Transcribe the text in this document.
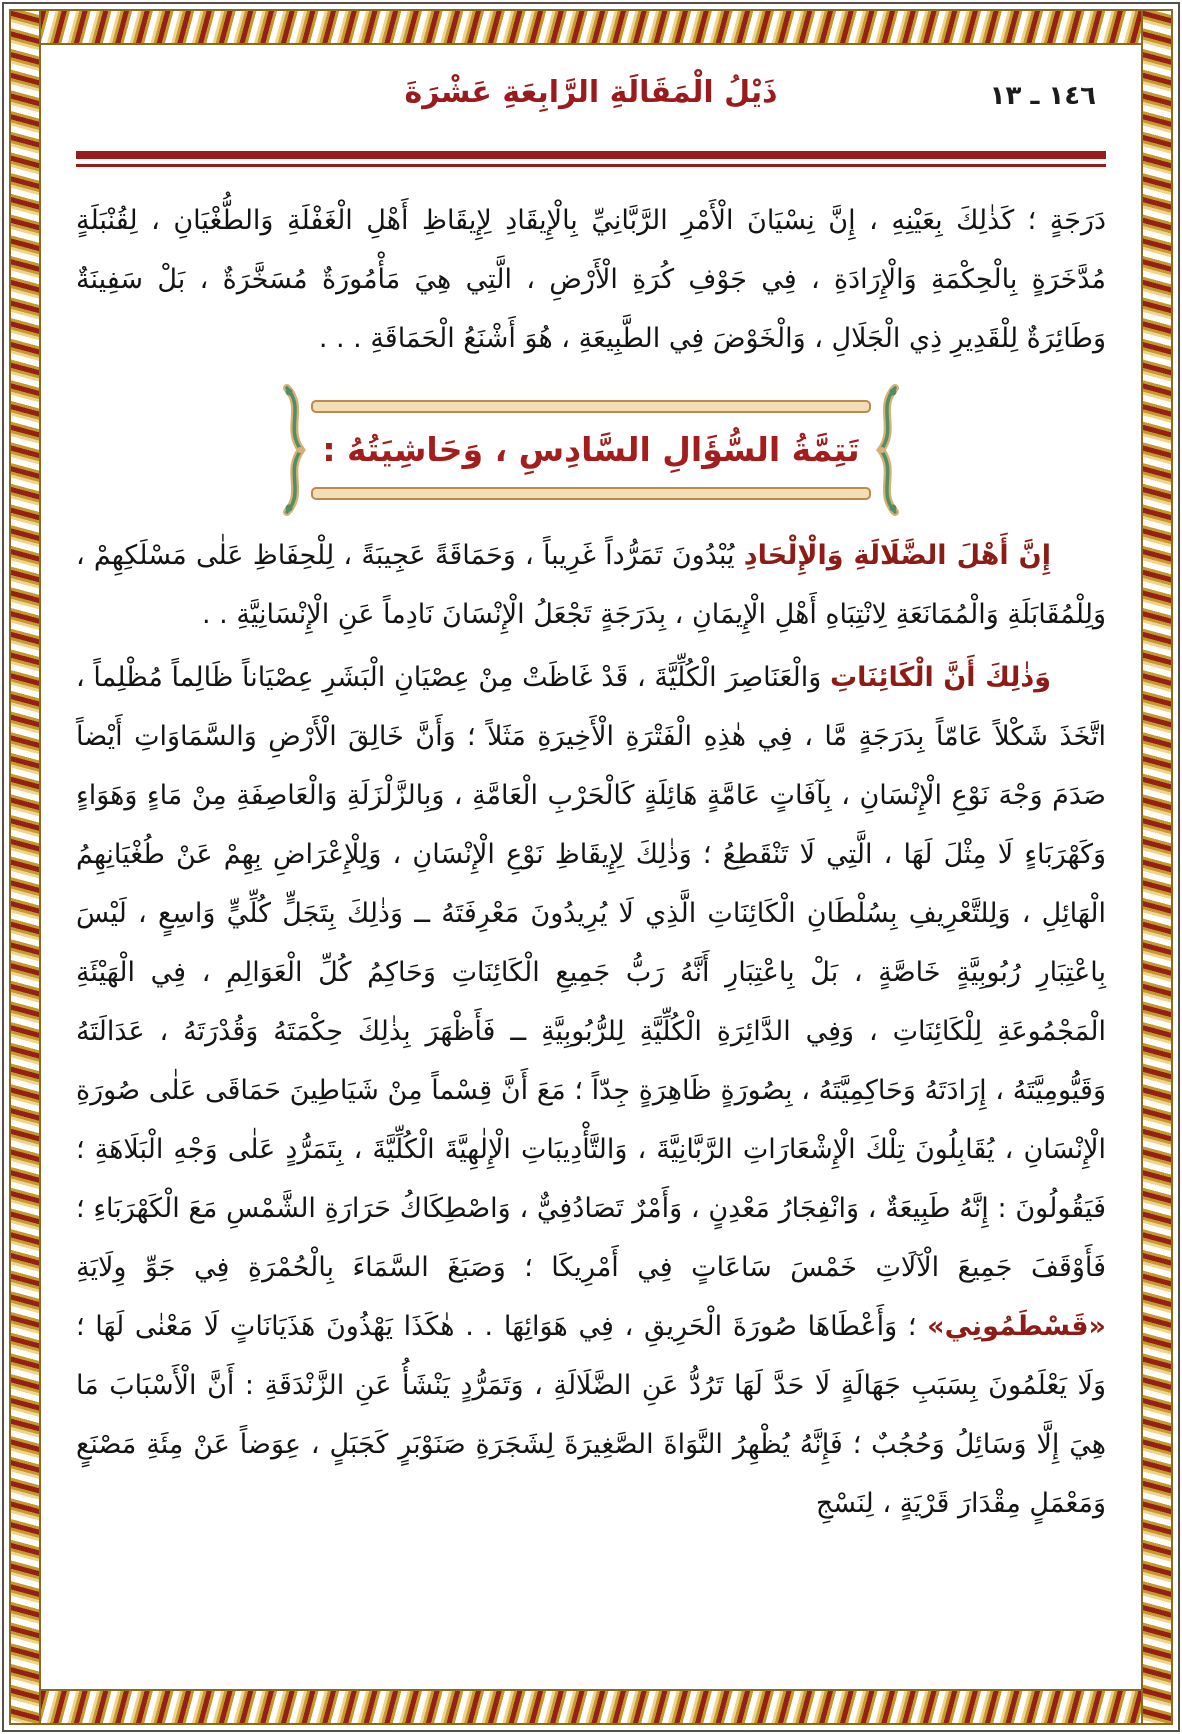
١٤٦ ـ ١٣
ذَيْلُ الْمَقَالَةِ الرَّابِعَةِ عَشْرَةَ

دَرَجَةٍ ؛ كَذٰلِكَ بِعَيْنِهِ ، إِنَّ نِسْيَانَ الْأَمْرِ الرَّبَّانِيِّ بِالْإِيقَادِ لِإِيقَاظِ أَهْلِ الْغَفْلَةِ وَالطُّغْيَانِ ، لِقُنْبَلَةٍ مُدَّخَرَةٍ بِالْحِكْمَةِ وَالْإِرَادَةِ ، فِي جَوْفِ كُرَةِ الْأَرْضِ ، الَّتِي هِيَ مَأْمُورَةٌ مُسَخَّرَةٌ ، بَلْ سَفِينَةٌ وَطَائِرَةٌ لِلْقَدِيرِ ذِي الْجَلَالِ ، وَالْخَوْضَ فِي الطَّبِيعَةِ ، هُوَ أَشْنَعُ الْحَمَاقَةِ . . .

تَتِمَّةُ السُّؤَالِ السَّادِسِ ، وَحَاشِيَتُهُ :

إِنَّ أَهْلَ الضَّلَالَةِ وَالْإِلْحَادِ يُبْدُونَ تَمَرُّداً غَرِيباً ، وَحَمَاقَةً عَجِيبَةً ، لِلْحِفَاظِ عَلٰى مَسْلَكِهِمْ ، وَلِلْمُقَابَلَةِ وَالْمُمَانَعَةِ لِانْتِبَاهِ أَهْلِ الْإِيمَانِ ، بِدَرَجَةٍ تَجْعَلُ الْإِنْسَانَ نَادِماً عَنِ الْإِنْسَانِيَّةِ . .

وَذٰلِكَ أَنَّ الْكَائِنَاتِ وَالْعَنَاصِرَ الْكُلِّيَّةَ ، قَدْ غَاظَتْ مِنْ عِصْيَانِ الْبَشَرِ عِصْيَاناً ظَالِماً مُظْلِماً ، اتَّخَذَ شَكْلاً عَامّاً بِدَرَجَةٍ مَّا ، فِي هٰذِهِ الْفَتْرَةِ الْأَخِيرَةِ مَثَلاً ؛ وَأَنَّ خَالِقَ الْأَرْضِ وَالسَّمَاوَاتِ أَيْضاً صَدَمَ وَجْهَ نَوْعِ الْإِنْسَانِ ، بِآفَاتٍ عَامَّةٍ هَائِلَةٍ كَالْحَرْبِ الْعَامَّةِ ، وَبِالزَّلْزَلَةِ وَالْعَاصِفَةِ مِنْ مَاءٍ وَهَوَاءٍ وَكَهْرَبَاءٍ لَا مِثْلَ لَهَا ، الَّتِي لَا تَنْقَطِعُ ؛ وَذٰلِكَ لِإِيقَاظِ نَوْعِ الْإِنْسَانِ ، وَلِلْإِعْرَاضِ بِهِمْ عَنْ طُغْيَانِهِمُ الْهَائِلِ ، وَلِلتَّعْرِيفِ بِسُلْطَانِ الْكَائِنَاتِ الَّذِي لَا يُرِيدُونَ مَعْرِفَتَهُ ــ وَذٰلِكَ بِتَجَلٍّ كُلِّيٍّ وَاسِعٍ ، لَيْسَ بِاعْتِبَارِ رُبُوبِيَّةٍ خَاصَّةٍ ، بَلْ بِاعْتِبَارِ أَنَّهُ رَبُّ جَمِيعِ الْكَائِنَاتِ وَحَاكِمُ كُلِّ الْعَوَالِمِ ، فِي الْهَيْئَةِ الْمَجْمُوعَةِ لِلْكَائِنَاتِ ، وَفِي الدَّائِرَةِ الْكُلِّيَّةِ لِلرُّبُوبِيَّةِ ــ فَأَظْهَرَ بِذٰلِكَ حِكْمَتَهُ وَقُدْرَتَهُ ، عَدَالَتَهُ وَقَيُّومِيَّتَهُ ، إِرَادَتَهُ وَحَاكِمِيَّتَهُ ، بِصُورَةٍ ظَاهِرَةٍ جِدّاً ؛ مَعَ أَنَّ قِسْماً مِنْ شَيَاطِينَ حَمَاقَى عَلٰى صُورَةِ الْإِنْسَانِ ، يُقَابِلُونَ تِلْكَ الْإِشْعَارَاتِ الرَّبَّانِيَّةَ ، وَالتَّأْدِيبَاتِ الْإِلٰهِيَّةَ الْكُلِّيَّةَ ، بِتَمَرُّدٍ عَلٰى وَجْهِ الْبَلَاهَةِ ؛ فَيَقُولُونَ : إِنَّهُ طَبِيعَةٌ ، وَانْفِجَارُ مَعْدِنٍ ، وَأَمْرٌ تَصَادُفِيٌّ ، وَاصْطِكَاكُ حَرَارَةِ الشَّمْسِ مَعَ الْكَهْرَبَاءِ ؛ فَأَوْقَفَ جَمِيعَ الْآلَاتِ خَمْسَ سَاعَاتٍ فِي أَمْرِيكَا ؛ وَصَبَغَ السَّمَاءَ بِالْحُمْرَةِ فِي جَوِّ وِلَايَةِ «قَسْطَمُونِي» ؛ وَأَعْطَاهَا صُورَةَ الْحَرِيقِ ، فِي هَوَائِهَا . . هٰكَذَا يَهْذُونَ هَذَيَانَاتٍ لَا مَعْنٰى لَهَا ؛ وَلَا يَعْلَمُونَ بِسَبَبِ جَهَالَةٍ لَا حَدَّ لَهَا تَرُدُّ عَنِ الضَّلَالَةِ ، وَتَمَرُّدٍ يَنْشَأُ عَنِ الزَّنْدَقَةِ : أَنَّ الْأَسْبَابَ مَا هِيَ إِلَّا وَسَائِلُ وَحُجُبٌ ؛ فَإِنَّهُ يُظْهِرُ النَّوَاةَ الصَّغِيرَةَ لِشَجَرَةِ صَنَوْبَرٍ كَجَبَلٍ ، عِوَضاً عَنْ مِئَةِ مَصْنَعٍ وَمَعْمَلٍ مِقْدَارَ قَرْيَةٍ ، لِنَسْجِ
